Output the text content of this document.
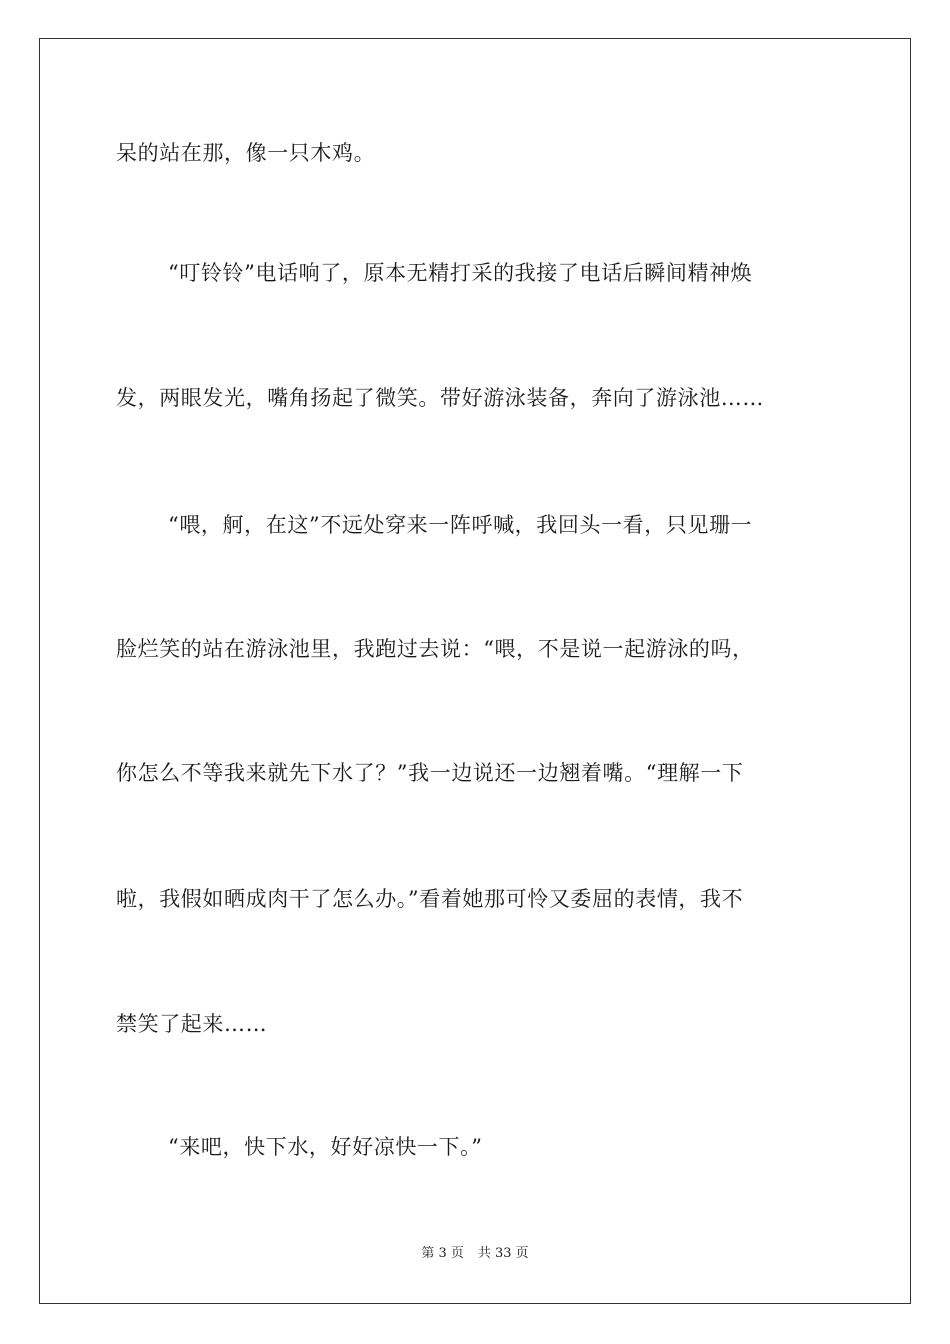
呆的站在那，像一只木鸡。
“叮铃铃”电话响了，原本无精打采的我接了电话后瞬间精神焕
发，两眼发光，嘴角扬起了微笑。带好游泳装备，奔向了游泳池……
“喂，舸，在这”不远处穿来一阵呼喊，我回头一看，只见珊一
脸烂笑的站在游泳池里，我跑过去说：“喂，不是说一起游泳的吗，
你怎么不等我来就先下水了？”我一边说还一边翘着嘴。“理解一下
啦，我假如晒成肉干了怎么办。”看着她那可怜又委屈的表情，我不
禁笑了起来……
“来吧，快下水，好好凉快一下。”
第 3 页 共 33 页
